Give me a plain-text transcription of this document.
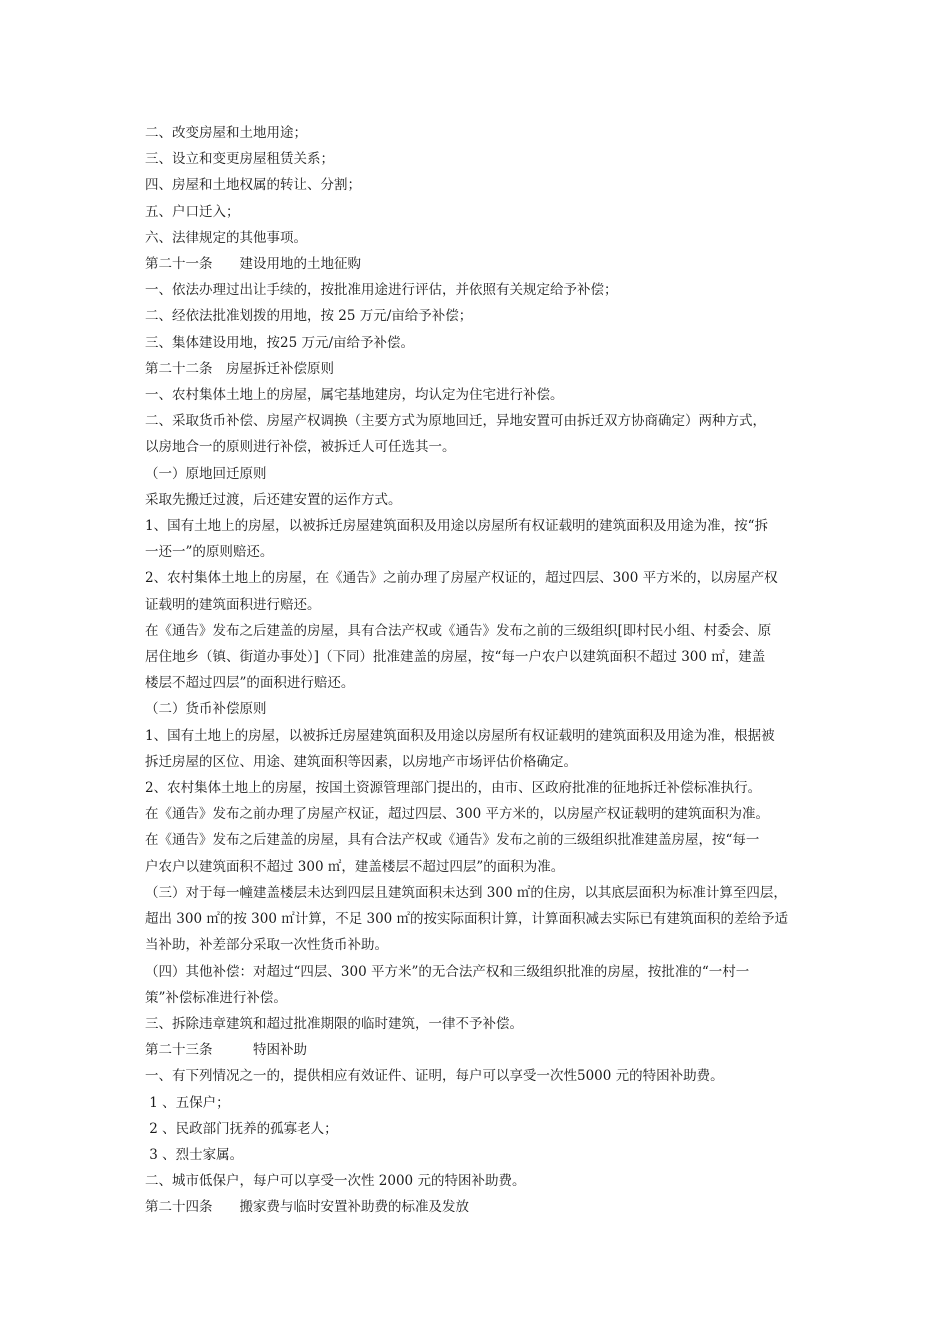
二、改变房屋和土地用途；

三、设立和变更房屋租赁关系；

四、房屋和土地权属的转让、分割；

五、户口迁入；

六、法律规定的其他事项。

第二十一条　　建设用地的土地征购

一、依法办理过出让手续的，按批准用途进行评估，并依照有关规定给予补偿；

二、经依法批准划拨的用地，按 25 万元/亩给予补偿；

三、集体建设用地，按25 万元/亩给予补偿。

第二十二条　房屋拆迁补偿原则

一、农村集体土地上的房屋，属宅基地建房，均认定为住宅进行补偿。

二、采取货币补偿、房屋产权调换（主要方式为原地回迁，异地安置可由拆迁双方协商确定）两种方式，

以房地合一的原则进行补偿，被拆迁人可任选其一。

（一）原地回迁原则

采取先搬迁过渡，后还建安置的运作方式。

1、国有土地上的房屋，以被拆迁房屋建筑面积及用途以房屋所有权证载明的建筑面积及用途为准，按“拆

一还一”的原则赔还。

2、农村集体土地上的房屋，在《通告》之前办理了房屋产权证的，超过四层、300 平方米的，以房屋产权

证载明的建筑面积进行赔还。

在《通告》发布之后建盖的房屋，具有合法产权或《通告》发布之前的三级组织[即村民小组、村委会、原

居住地乡（镇、街道办事处）]（下同）批准建盖的房屋，按“每一户农户以建筑面积不超过 300 ㎡，建盖

楼层不超过四层”的面积进行赔还。

（二）货币补偿原则

1、国有土地上的房屋，以被拆迁房屋建筑面积及用途以房屋所有权证载明的建筑面积及用途为准，根据被

拆迁房屋的区位、用途、建筑面积等因素，以房地产市场评估价格确定。

2、农村集体土地上的房屋，按国土资源管理部门提出的，由市、区政府批准的征地拆迁补偿标准执行。

在《通告》发布之前办理了房屋产权证，超过四层、300 平方米的，以房屋产权证载明的建筑面积为准。

在《通告》发布之后建盖的房屋，具有合法产权或《通告》发布之前的三级组织批准建盖房屋，按“每一

户农户以建筑面积不超过 300 ㎡，建盖楼层不超过四层”的面积为准。

（三）对于每一幢建盖楼层未达到四层且建筑面积未达到 300 ㎡的住房，以其底层面积为标准计算至四层，

超出 300 ㎡的按 300 ㎡计算，不足 300 ㎡的按实际面积计算，计算面积减去实际已有建筑面积的差给予适

当补助，补差部分采取一次性货币补助。

（四）其他补偿：对超过“四层、300 平方米”的无合法产权和三级组织批准的房屋，按批准的“一村一

策”补偿标准进行补偿。

三、拆除违章建筑和超过批准期限的临时建筑，一律不予补偿。

第二十三条　　　特困补助

一、有下列情况之一的，提供相应有效证件、证明，每户可以享受一次性5000 元的特困补助费。

1 、五保户；

2 、民政部门抚养的孤寡老人；

3 、烈士家属。

二、城市低保户，每户可以享受一次性 2000 元的特困补助费。

第二十四条　　搬家费与临时安置补助费的标准及发放
